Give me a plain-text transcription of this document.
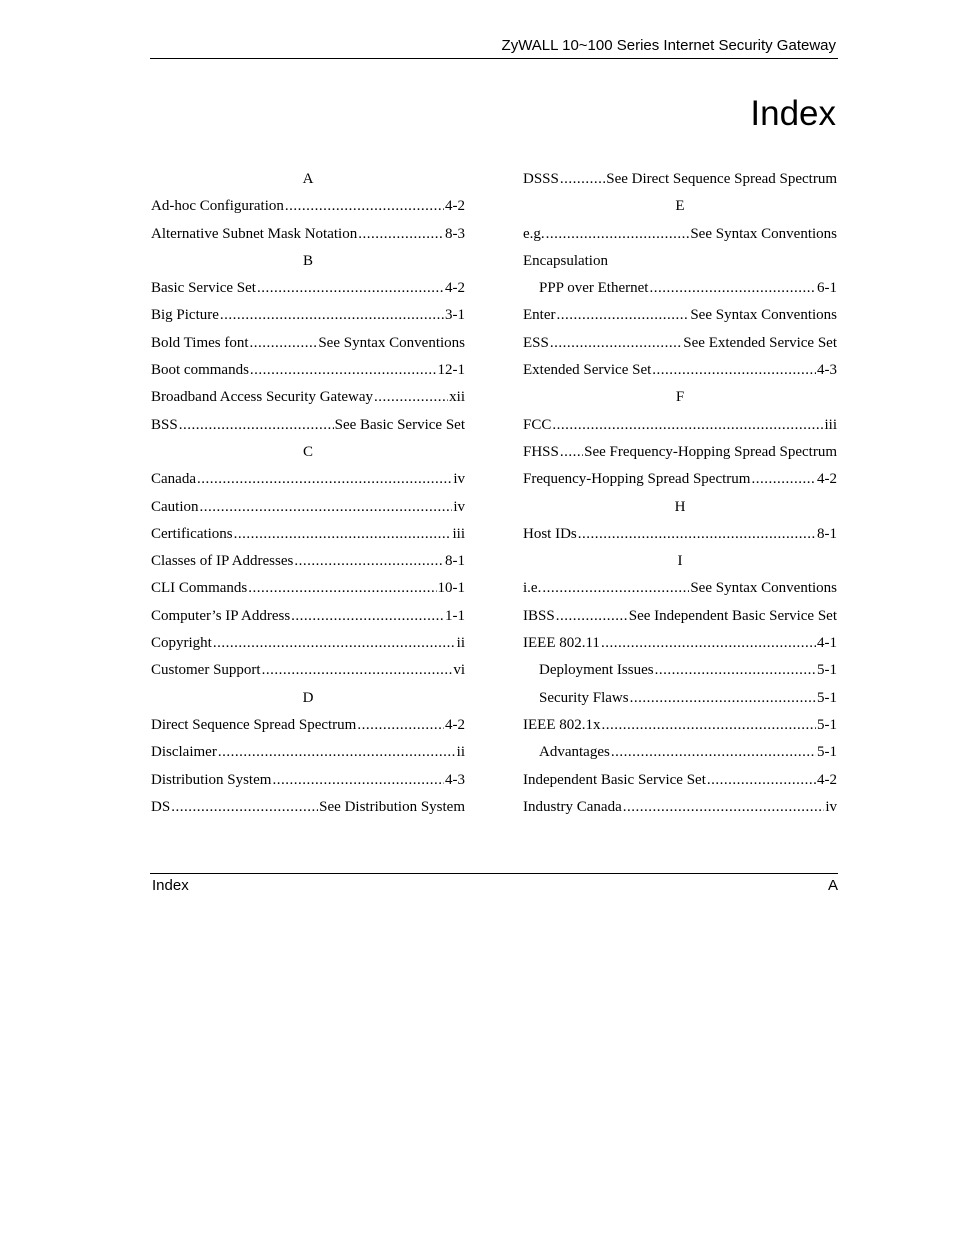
ZyWALL 10~100 Series Internet Security Gateway
Index
A
Ad-hoc Configuration .....	4-2
Alternative Subnet Mask Notation .....	8-3
B
Basic Service Set .....	4-2
Big Picture .....	3-1
Bold Times font .....	See Syntax Conventions
Boot commands .....	12-1
Broadband Access Security Gateway .....	xii
BSS .....	See Basic Service Set
C
Canada .....	iv
Caution .....	iv
Certifications .....	iii
Classes of IP Addresses .....	8-1
CLI Commands .....	10-1
Computer’s IP Address .....	1-1
Copyright .....	ii
Customer Support .....	vi
D
Direct Sequence Spread Spectrum .....	4-2
Disclaimer .....	ii
Distribution System .....	4-3
DS .....	See Distribution System
DSSS .....	See Direct Sequence Spread Spectrum
E
e.g. .....	See Syntax Conventions
Encapsulation
PPP over Ethernet .....	6-1
Enter .....	See Syntax Conventions
ESS .....	See Extended Service Set
Extended Service Set .....	4-3
F
FCC .....	iii
FHSS ..... See Frequency-Hopping Spread Spectrum
Frequency-Hopping Spread Spectrum .....	4-2
H
Host IDs .....	8-1
I
i.e. .....	See Syntax Conventions
IBSS .....	See Independent Basic Service Set
IEEE 802.11 .....	4-1
Deployment Issues .....	5-1
Security Flaws .....	5-1
IEEE 802.1x .....	5-1
Advantages .....	5-1
Independent Basic Service Set .....	4-2
Industry Canada .....	iv
Index	A
